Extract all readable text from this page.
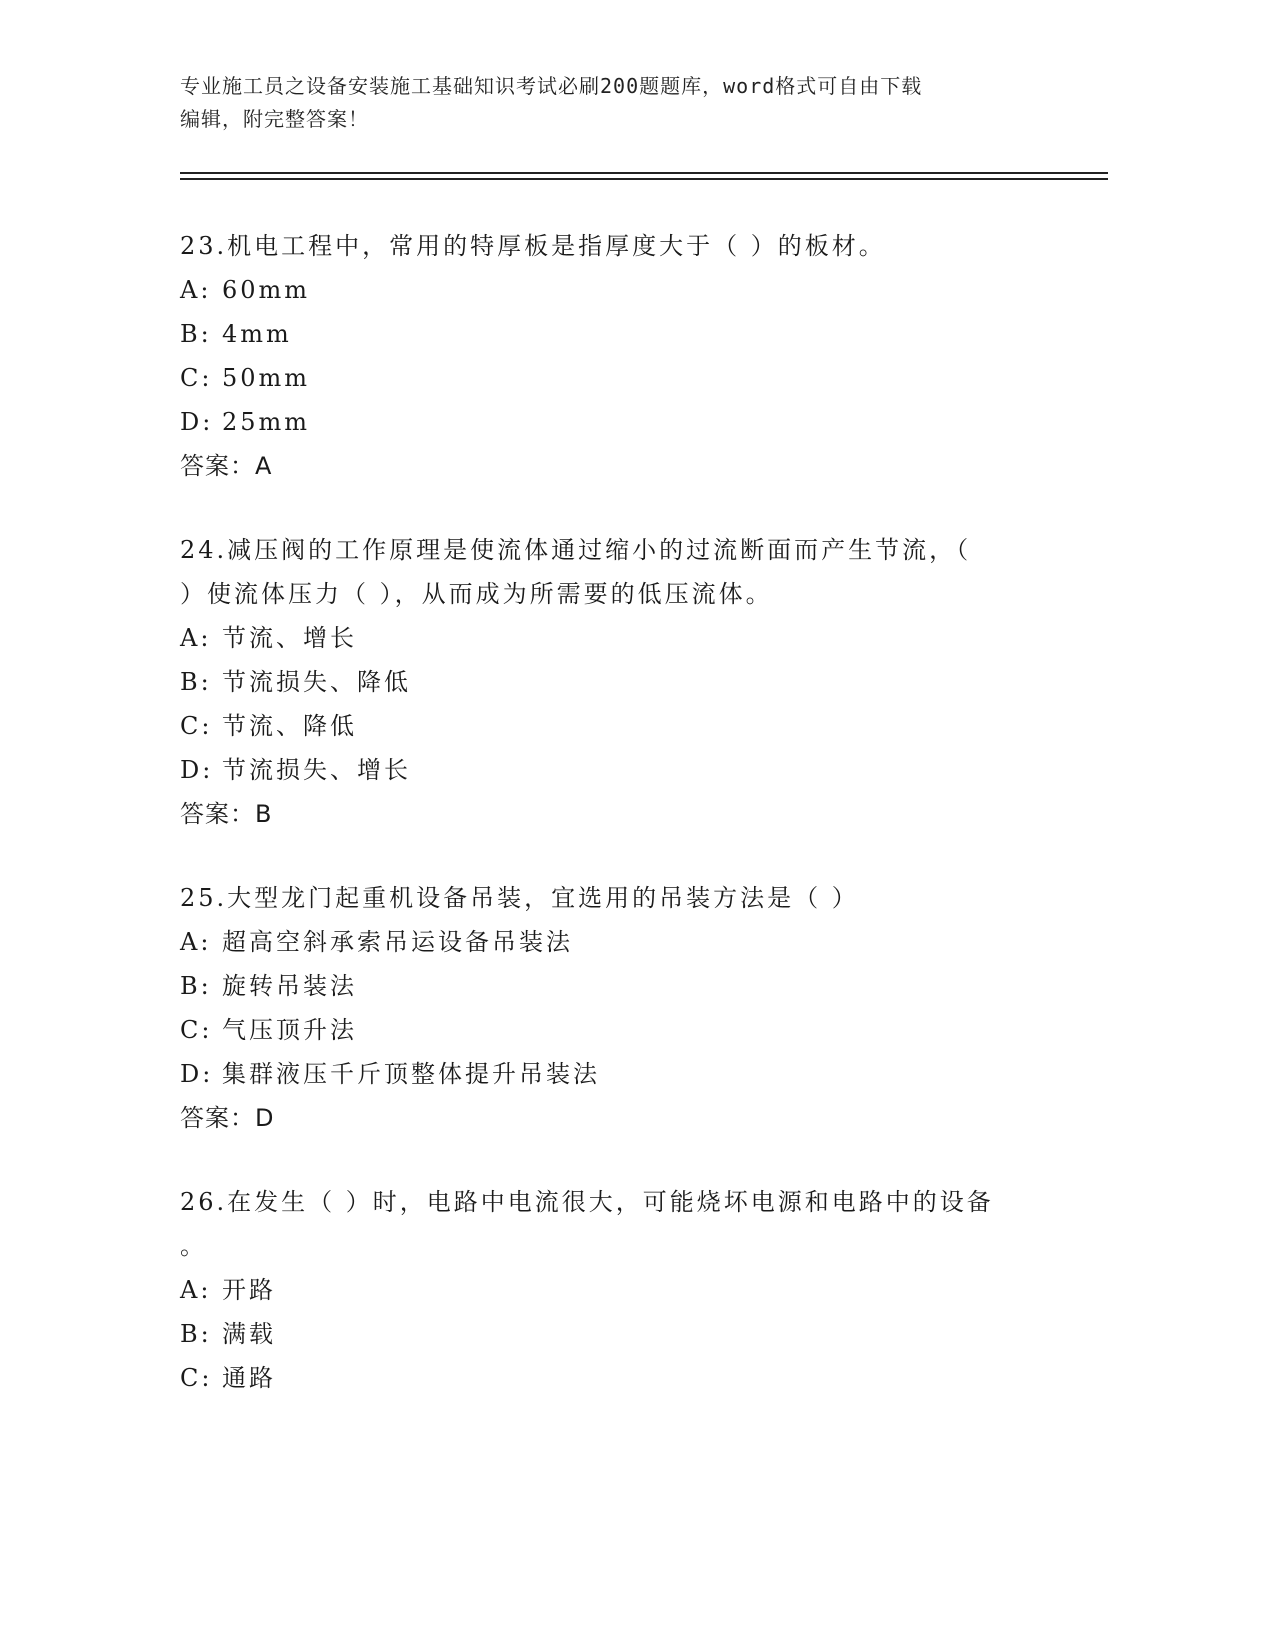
专业施工员之设备安装施工基础知识考试必刷200题题库，word格式可自由下载
编辑，附完整答案！

23.机电工程中，常用的特厚板是指厚度大于（ ）的板材。

A: 60mm

B: 4mm

C: 50mm

D: 25mm

答案：A

24.减压阀的工作原理是使流体通过缩小的过流断面而产生节流，（

）使流体压力（ ），从而成为所需要的低压流体。

A: 节流、增长

B: 节流损失、降低

C: 节流、降低

D: 节流损失、增长

答案：B

25.大型龙门起重机设备吊装，宜选用的吊装方法是（ ）

A: 超高空斜承索吊运设备吊装法

B: 旋转吊装法

C: 气压顶升法

D: 集群液压千斤顶整体提升吊装法

答案：D

26.在发生（ ）时，电路中电流很大，可能烧坏电源和电路中的设备

。

A: 开路

B: 满载

C: 通路
